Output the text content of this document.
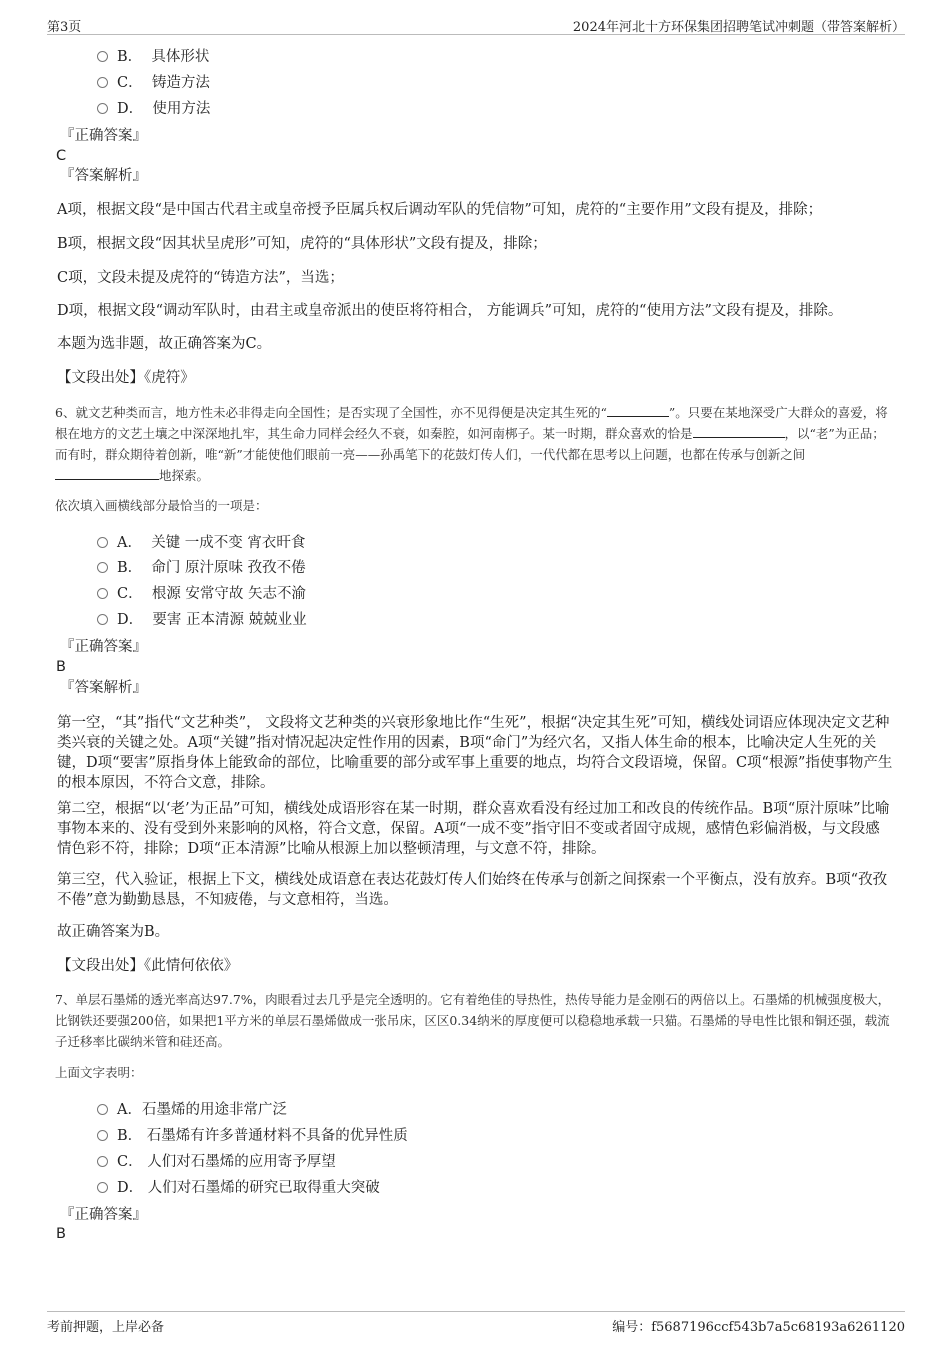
第3页	2024年河北十方环保集团招聘笔试冲刺题（带答案解析）
B． 具体形状
C． 铸造方法
D． 使用方法
『正确答案』
C
『答案解析』
A项，根据文段“是中国古代君主或皇帝授予臣属兵权后调动军队的凭信物”可知，虎符的“主要作用”文段有提及，排除；
B项，根据文段“因其状呈虎形”可知，虎符的“具体形状”文段有提及，排除；
C项，文段未提及虎符的“铸造方法”，当选；
D项，根据文段“调动军队时，由君主或皇帝派出的使臣将符相合， 方能调兵”可知，虎符的“使用方法”文段有提及，排除。
本题为选非题，故正确答案为C。
【文段出处】《虎符》
6、就文艺种类而言，地方性未必非得走向全国性；是否实现了全国性，亦不见得便是决定其生死的“	”。只要在某地深受广大群众的喜爱，将根在地方的文艺土壤之中深深地扎牢，其生命力同样会经久不衰，如秦腔，如河南梆子。某一时期，群众喜欢的恰是	，以“老”为正品；而有时，群众期待着创新，唯“新”才能使他们眼前一亮——孙禹笔下的花鼓灯传人们，一代代都在思考以上问题，也都在传承与创新之间地探索。
依次填入画横线部分最恰当的一项是：
A． 关键 一成不变 宵衣旰食
B． 命门 原汁原味 孜孜不倦
C． 根源 安常守故 矢志不渝
D． 要害 正本清源 兢兢业业
『正确答案』
B
『答案解析』
第一空，“其”指代“文艺种类”， 文段将文艺种类的兴衰形象地比作“生死”，根据“决定其生死”可知，横线处词语应体现决定文艺种类兴衰的关键之处。A项“关键”指对情况起决定性作用的因素，B项“命门”为经穴名，又指人体生命的根本，比喻决定人生死的关键，D项“要害”原指身体上能致命的部位，比喻重要的部分或军事上重要的地点，均符合文段语境，保留。C项“根源”指使事物产生的根本原因，不符合文意，排除。
第二空，根据“以‘老’为正品”可知，横线处成语形容在某一时期，群众喜欢看没有经过加工和改良的传统作品。B项“原汁原味”比喻事物本来的、没有受到外来影响的风格，符合文意，保留。A项“一成不变”指守旧不变或者固守成规，感情色彩偏消极，与文段感情色彩不符，排除；D项“正本清源”比喻从根源上加以整顿清理，与文意不符，排除。
第三空，代入验证，根据上下文，横线处成语意在表达花鼓灯传人们始终在传承与创新之间探索一个平衡点，没有放弃。B项“孜孜不倦”意为勤勤恳恳，不知疲倦，与文意相符，当选。
故正确答案为B。
【文段出处】《此情何依依》
7、单层石墨烯的透光率高达97.7%，肉眼看过去几乎是完全透明的。它有着绝佳的导热性，热传导能力是金刚石的两倍以上。石墨烯的机械强度极大，比钢铁还要强200倍，如果把1平方米的单层石墨烯做成一张吊床，区区0.34纳米的厚度便可以稳稳地承载一只猫。石墨烯的导电性比银和铜还强，载流子迁移率比碳纳米管和硅还高。
上面文字表明：
A．石墨烯的用途非常广泛
B． 石墨烯有许多普通材料不具备的优异性质
C． 人们对石墨烯的应用寄予厚望
D． 人们对石墨烯的研究已取得重大突破
『正确答案』
B
考前押题，上岸必备	编号：f5687196ccf543b7a5c68193a6261120
